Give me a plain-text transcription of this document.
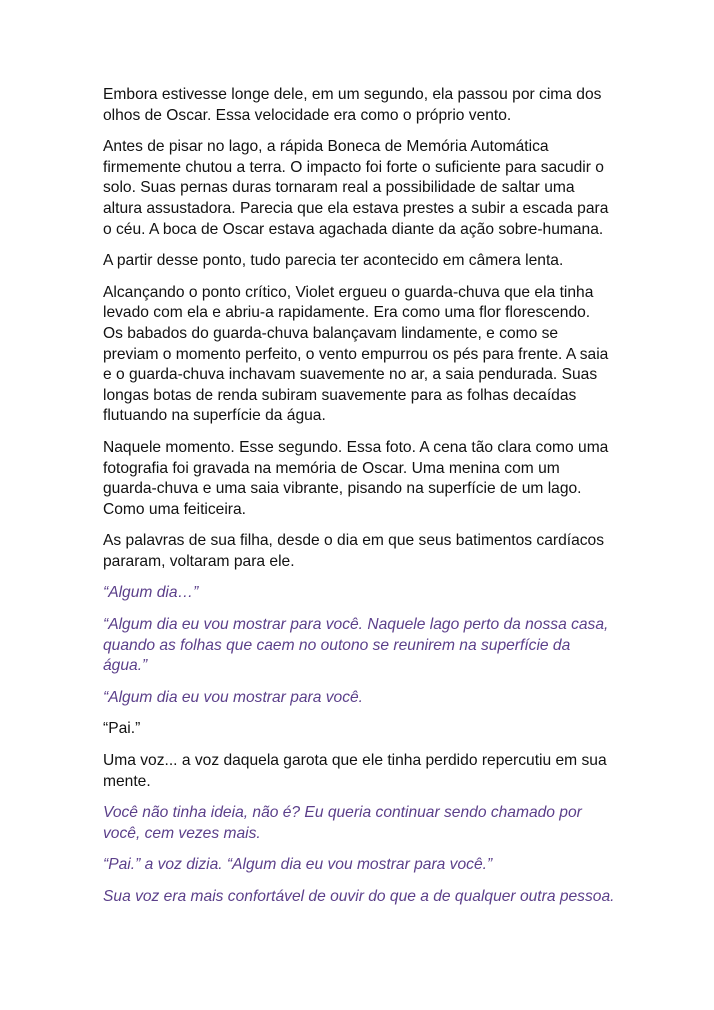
Embora estivesse longe dele, em um segundo, ela passou por cima dos
olhos de Oscar. Essa velocidade era como o próprio vento.

Antes de pisar no lago, a rápida Boneca de Memória Automática
firmemente chutou a terra. O impacto foi forte o suficiente para sacudir o
solo. Suas pernas duras tornaram real a possibilidade de saltar uma
altura assustadora. Parecia que ela estava prestes a subir a escada para
o céu. A boca de Oscar estava agachada diante da ação sobre-humana.

A partir desse ponto, tudo parecia ter acontecido em câmera lenta.

Alcançando o ponto crítico, Violet ergueu o guarda-chuva que ela tinha
levado com ela e abriu-a rapidamente. Era como uma flor florescendo.
Os babados do guarda-chuva balançavam lindamente, e como se
previam o momento perfeito, o vento empurrou os pés para frente. A saia
e o guarda-chuva inchavam suavemente no ar, a saia pendurada. Suas
longas botas de renda subiram suavemente para as folhas decaídas
flutuando na superfície da água.

Naquele momento. Esse segundo. Essa foto. A cena tão clara como uma
fotografia foi gravada na memória de Oscar. Uma menina com um
guarda-chuva e uma saia vibrante, pisando na superfície de um lago.
Como uma feiticeira.

As palavras de sua filha, desde o dia em que seus batimentos cardíacos
pararam, voltaram para ele.

“Algum dia…”

“Algum dia eu vou mostrar para você. Naquele lago perto da nossa casa,
quando as folhas que caem no outono se reunirem na superfície da
água.”

“Algum dia eu vou mostrar para você.

“Pai.”

Uma voz... a voz daquela garota que ele tinha perdido repercutiu em sua
mente.

Você não tinha ideia, não é? Eu queria continuar sendo chamado por
você, cem vezes mais.

“Pai.” a voz dizia. “Algum dia eu vou mostrar para você.”

Sua voz era mais confortável de ouvir do que a de qualquer outra pessoa.
